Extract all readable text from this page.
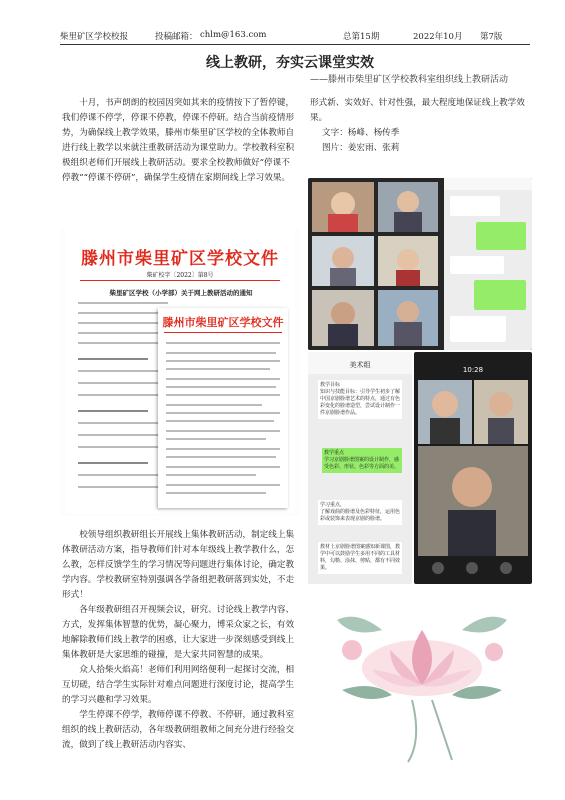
柴里矿区学校校报	投稿邮箱： chlm@163.com	总第15期	2022年10月 第7版
线上教研，夯实云课堂实效
——滕州市柴里矿区学校教科室组织线上教研活动

十月，书声朗朗的校园因突如其来的疫情按下了暂停键，我们停课不停学，停课不停教，停课不停研。结合当前疫情形势，为确保线上教学效果，滕州市柴里矿区学校的全体教师自进行线上教学以来就注重教研活动为课堂助力。学校教科室积极组织老师们开展线上教研活动。要求全校教师做好“停课不停教”“停课不停研”，确保学生疫情在家期间线上学习效果。

形式新、实效好、针对性强，最大程度地保证线上教学效果。

文字：杨峰、杨传季

图片：姜宏雨、张莉

滕州市柴里矿区学校文件
柴矿校字〔2022〕第8号
柴里矿区学校（小学部）关于网上教研活动的通知
滕州市柴里矿区学校文件
美术组
教学目标
知识与技能目标：引导学生初步了解中国京剧脸谱艺术的特点，通过有色彩变化的脸谱造型，尝试设计制作一件京剧脸谱作品。
教学重点
学习京剧脸谱图案的设计制作，感受色彩、形状、色彩等方面的美。
学习重点，
了解戏曲的脸谱及色彩特征，运用色彩或装饰来表现京剧的脸谱。
教材上京剧脸谱图案感知新课图，教学中可以鼓励学生多用不同的工具材料，勾勒、涂抹、剪贴，都有不同效果。
10:28

校领导组织教研组长开展线上集体教研活动，制定线上集体教研活动方案，指导教师们针对本年级线上教学教什么，怎么教，怎样反馈学生的学习情况等问题进行集体讨论，确定教学内容。学校教研室特别强调各学备组把教研落到实处，不走形式！

各年级教研组召开视频会议，研究、讨论线上教学内容、方式，发挥集体智慧的优势，凝心聚力，博采众家之长，有效地解除教师们线上教学的困惑，让大家进一步深刻感受到线上集体教研是大家思维的碰撞，是大家共同智慧的成果。

众人拾柴火焰高！老师们利用网络便利一起探讨交流，相互切磋，结合学生实际针对难点问题进行深度讨论，提高学生的学习兴趣和学习效果。

学生停课不停学，教师停课不停教、不停研，通过教科室组织的线上教研活动，各年级教研组教师之间充分进行经验交流，做到了线上教研活动内容实、
